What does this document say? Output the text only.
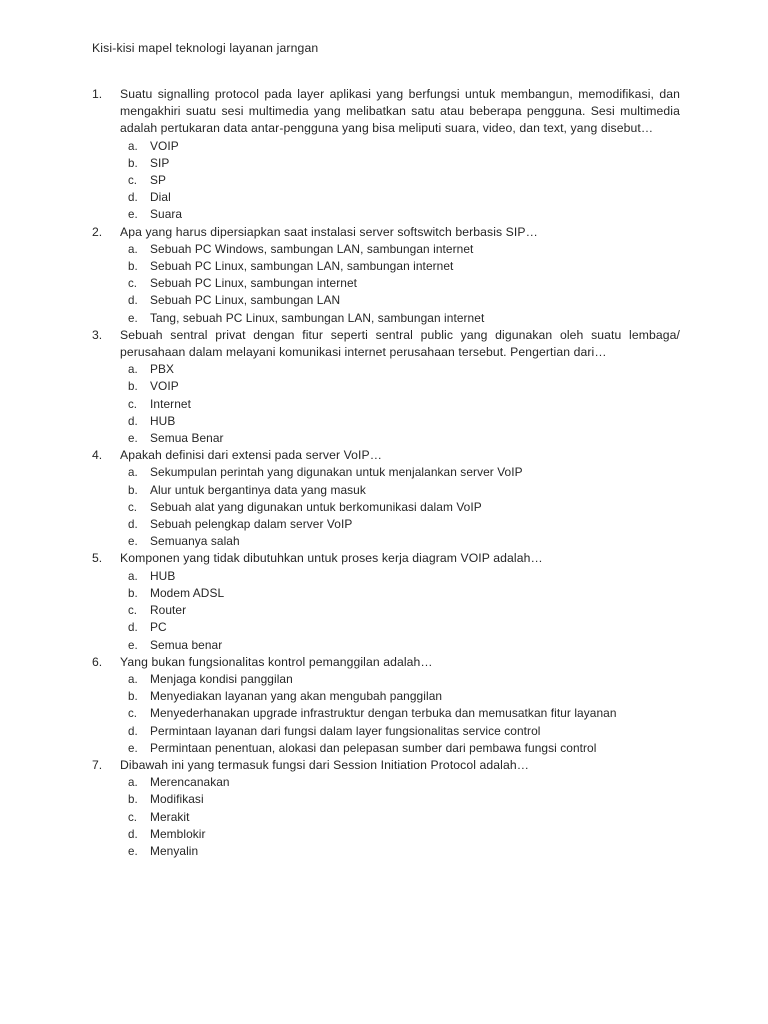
Kisi-kisi mapel teknologi layanan jarngan
1.	Suatu signalling protocol pada layer aplikasi yang berfungsi untuk membangun, memodifikasi, dan mengakhiri suatu sesi multimedia yang melibatkan satu atau beberapa pengguna. Sesi multimedia adalah pertukaran data antar-pengguna yang bisa meliputi suara, video, dan text, yang disebut…
a.	VOIP
b.	SIP
c.	SP
d.	Dial
e.	Suara
2.	Apa yang harus dipersiapkan saat instalasi server softswitch berbasis SIP…
a.	Sebuah PC Windows, sambungan LAN, sambungan internet
b.	Sebuah PC Linux, sambungan LAN, sambungan internet
c.	Sebuah PC Linux, sambungan internet
d.	Sebuah PC Linux, sambungan LAN
e.	Tang, sebuah PC Linux, sambungan LAN, sambungan internet
3.	Sebuah sentral privat dengan fitur seperti sentral public yang digunakan oleh suatu lembaga/ perusahaan dalam melayani komunikasi internet perusahaan tersebut. Pengertian dari…
a.	PBX
b.	VOIP
c.	Internet
d.	HUB
e.	Semua Benar
4.	Apakah definisi dari extensi pada server VoIP…
a.	Sekumpulan perintah yang digunakan untuk menjalankan server VoIP
b.	Alur untuk bergantinya data yang masuk
c.	Sebuah alat yang digunakan untuk berkomunikasi dalam VoIP
d.	Sebuah pelengkap dalam server VoIP
e.	Semuanya salah
5.	Komponen yang tidak dibutuhkan untuk proses kerja diagram VOIP adalah…
a.	HUB
b.	Modem ADSL
c.	Router
d.	PC
e.	Semua benar
6.	Yang bukan fungsionalitas kontrol pemanggilan adalah…
a.	Menjaga kondisi panggilan
b.	Menyediakan layanan yang akan mengubah panggilan
c.	Menyederhanakan upgrade infrastruktur dengan terbuka dan memusatkan fitur layanan
d.	Permintaan layanan dari fungsi dalam layer fungsionalitas service control
e.	Permintaan penentuan, alokasi dan pelepasan sumber dari pembawa fungsi control
7.	Dibawah ini yang termasuk fungsi dari Session Initiation Protocol adalah…
a.	Merencanakan
b.	Modifikasi
c.	Merakit
d.	Memblokir
e.	Menyalin
